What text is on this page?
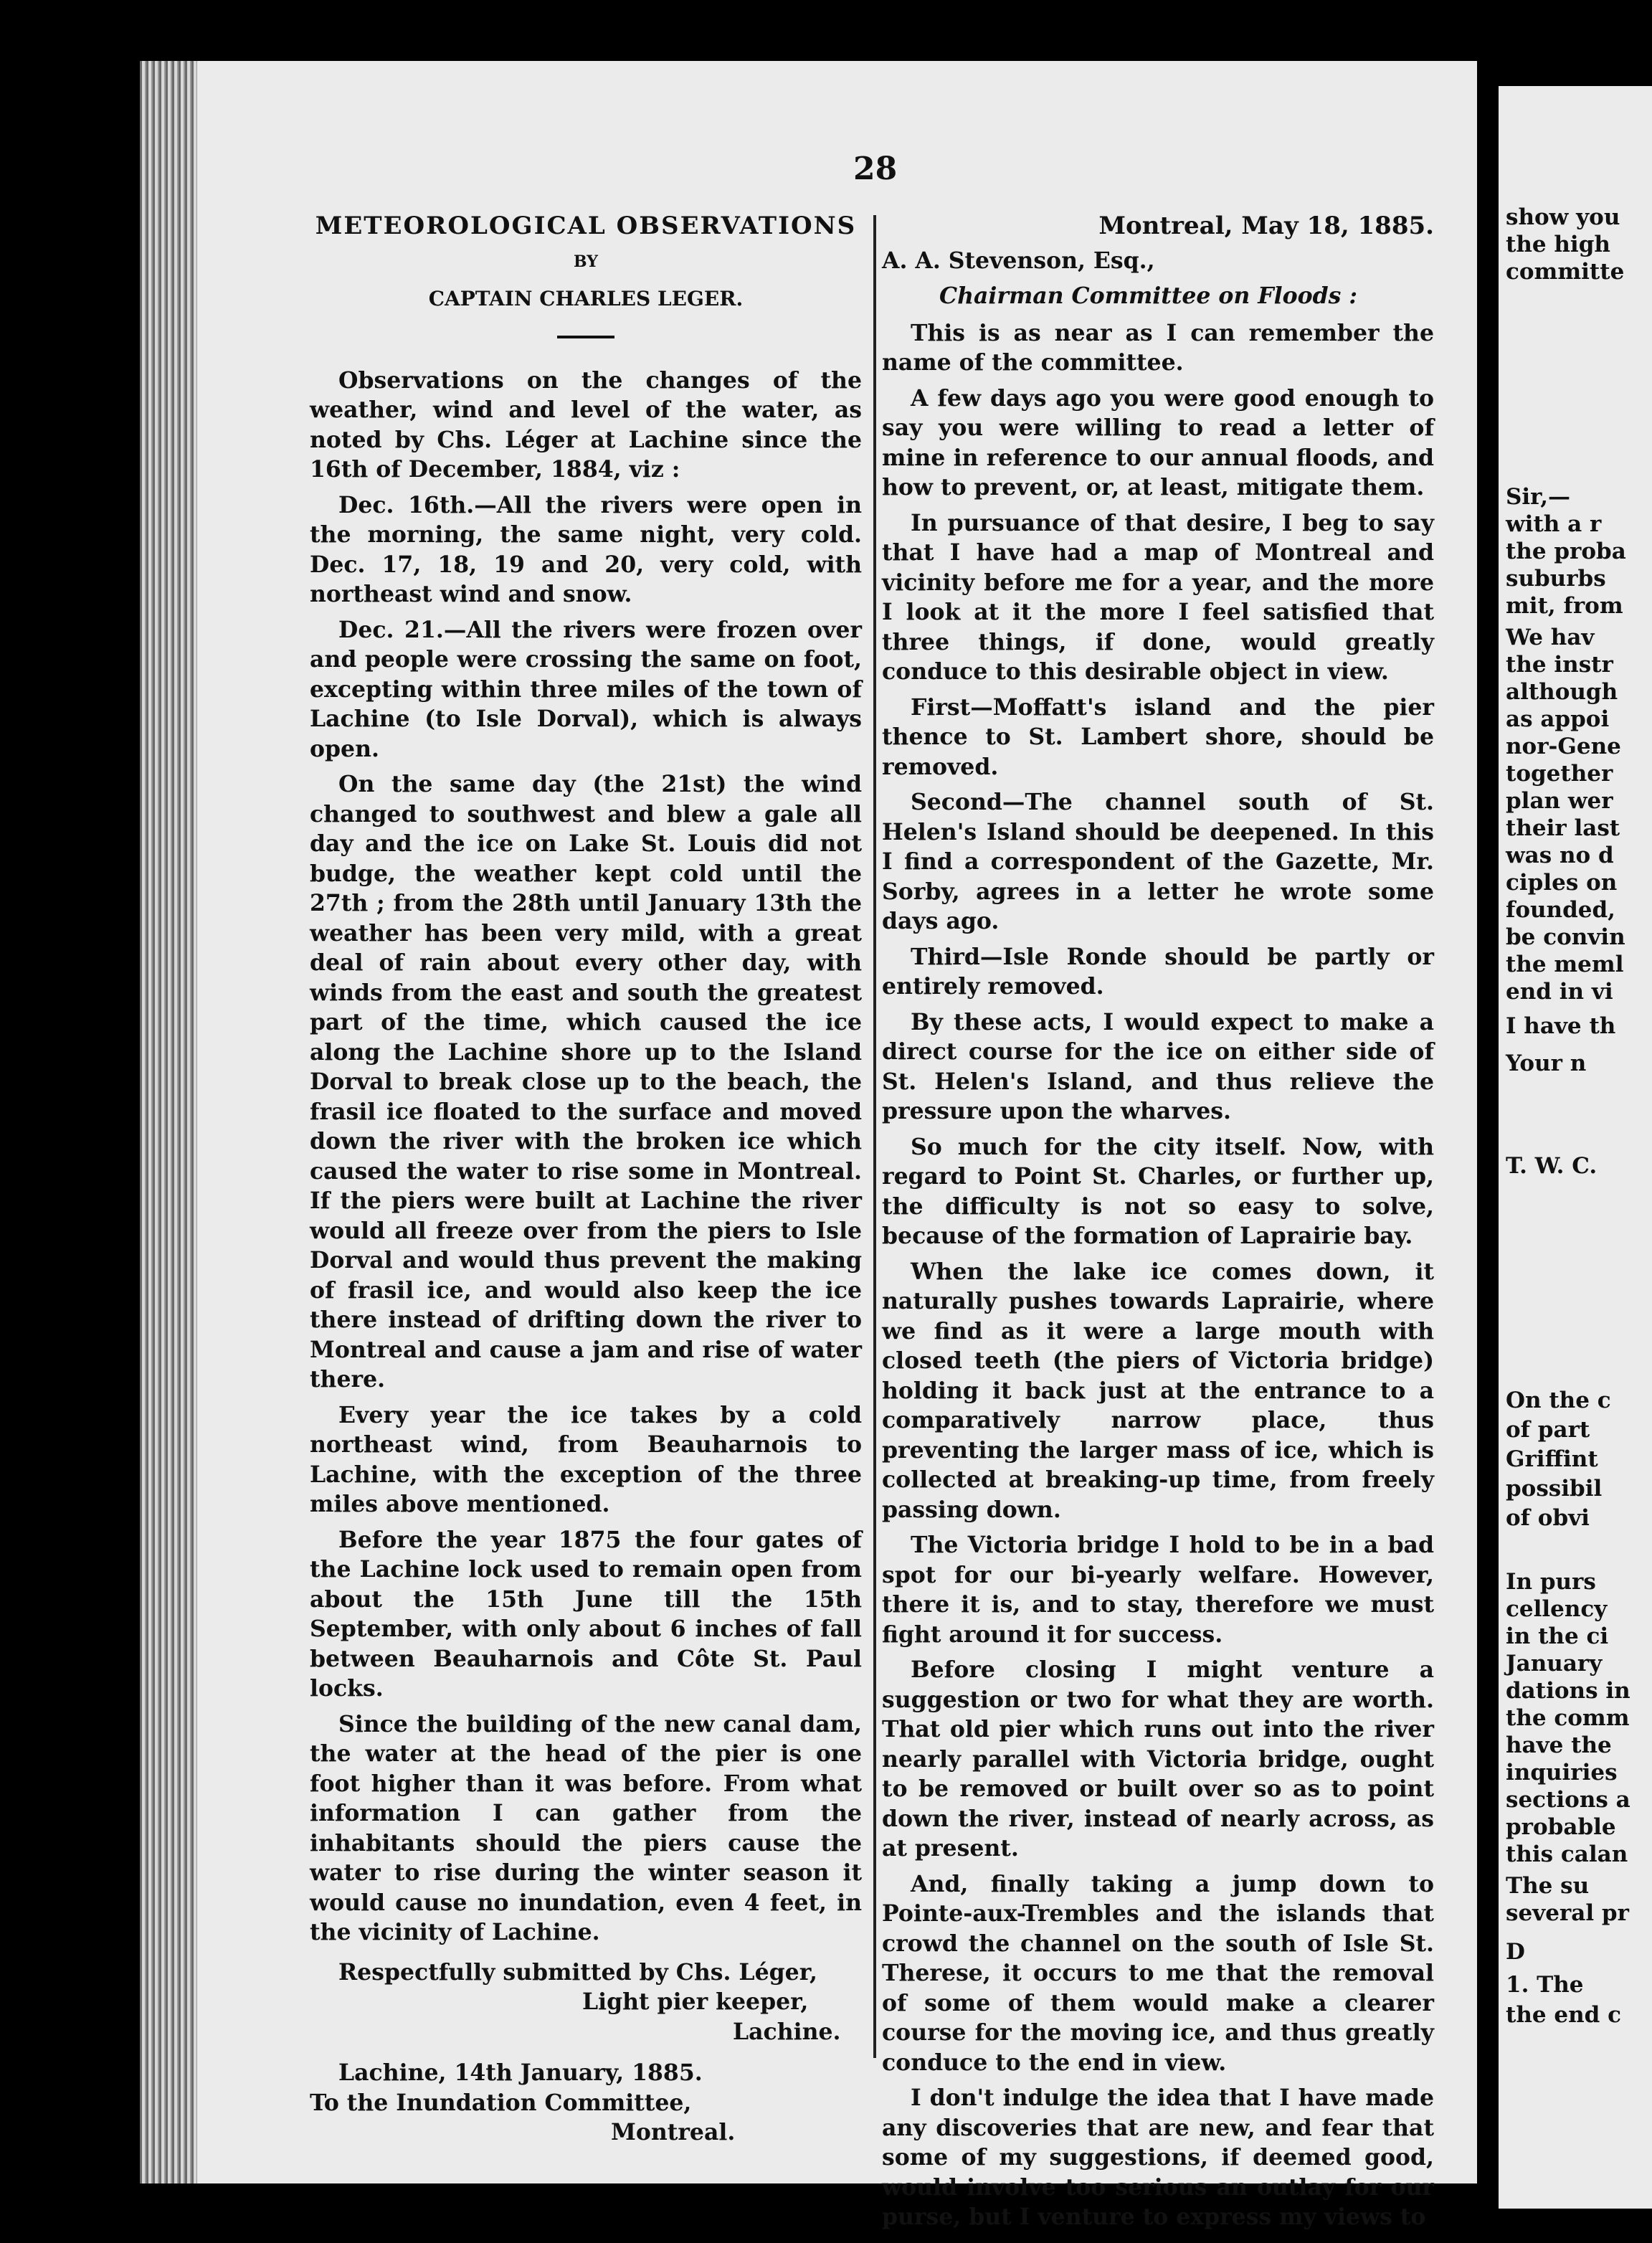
28

METEOROLOGICAL OBSERVATIONS

BY

CAPTAIN CHARLES LEGER.

Observations on the changes of the weather, wind and level of the water, as noted by Chs. Léger at Lachine since the 16th of December, 1884, viz :

Dec. 16th.—All the rivers were open in the morning, the same night, very cold. Dec. 17, 18, 19 and 20, very cold, with northeast wind and snow.

Dec. 21.—All the rivers were frozen over and people were crossing the same on foot, excepting within three miles of the town of Lachine (to Isle Dorval), which is always open.

On the same day (the 21st) the wind changed to southwest and blew a gale all day and the ice on Lake St. Louis did not budge, the weather kept cold until the 27th ; from the 28th until January 13th the weather has been very mild, with a great deal of rain about every other day, with winds from the east and south the greatest part of the time, which caused the ice along the Lachine shore up to the Island Dorval to break close up to the beach, the frasil ice floated to the surface and moved down the river with the broken ice which caused the water to rise some in Montreal. If the piers were built at Lachine the river would all freeze over from the piers to Isle Dorval and would thus prevent the making of frasil ice, and would also keep the ice there instead of drifting down the river to Montreal and cause a jam and rise of water there.

Every year the ice takes by a cold northeast wind, from Beauharnois to Lachine, with the exception of the three miles above mentioned.

Before the year 1875 the four gates of the Lachine lock used to remain open from about the 15th June till the 15th September, with only about 6 inches of fall between Beauharnois and Côte St. Paul locks.

Since the building of the new canal dam, the water at the head of the pier is one foot higher than it was before. From what information I can gather from the inhabitants should the piers cause the water to rise during the winter season it would cause no inundation, even 4 feet, in the vicinity of Lachine.

Respectfully submitted by Chs. Léger,

Light pier keeper,

Lachine.

Lachine, 14th January, 1885.

To the Inundation Committee,

Montreal.

Montreal, May 18, 1885.

A. A. Stevenson, Esq.,

Chairman Committee on Floods :

This is as near as I can remember the name of the committee.

A few days ago you were good enough to say you were willing to read a letter of mine in reference to our annual floods, and how to prevent, or, at least, mitigate them.

In pursuance of that desire, I beg to say that I have had a map of Montreal and vicinity before me for a year, and the more I look at it the more I feel satisfied that three things, if done, would greatly conduce to this desirable object in view.

First—Moffatt's island and the pier thence to St. Lambert shore, should be removed.

Second—The channel south of St. Helen's Island should be deepened. In this I find a correspondent of the Gazette, Mr. Sorby, agrees in a letter he wrote some days ago.

Third—Isle Ronde should be partly or entirely removed.

By these acts, I would expect to make a direct course for the ice on either side of St. Helen's Island, and thus relieve the pressure upon the wharves.

So much for the city itself. Now, with regard to Point St. Charles, or further up, the difficulty is not so easy to solve, because of the formation of Laprairie bay.

When the lake ice comes down, it naturally pushes towards Laprairie, where we find as it were a large mouth with closed teeth (the piers of Victoria bridge) holding it back just at the entrance to a comparatively narrow place, thus preventing the larger mass of ice, which is collected at breaking-up time, from freely passing down.

The Victoria bridge I hold to be in a bad spot for our bi-yearly welfare. However, there it is, and to stay, therefore we must fight around it for success.

Before closing I might venture a suggestion or two for what they are worth. That old pier which runs out into the river nearly parallel with Victoria bridge, ought to be removed or built over so as to point down the river, instead of nearly across, as at present.

And, finally taking a jump down to Pointe-aux-Trembles and the islands that crowd the channel on the south of Isle St. Therese, it occurs to me that the removal of some of them would make a clearer course for the moving ice, and thus greatly conduce to the end in view.

I don't indulge the idea that I have made any discoveries that are new, and fear that some of my suggestions, if deemed good, would involve too serious an outlay for our purse, but I venture to express my views to

show you
the high
committe
Sir,—
with a r
the proba
suburbs
mit, from
We hav
the instr
although
as appoi
nor-Gene
together
plan wer
their last
was no d
ciples on
founded,
be convin
the meml
end in vi
I have th
Your n
T. W. C.
On the c
of part
Griffint
possibil
of obvi
In purs
cellency
in the ci
January
dations in
the comm
have the
inquiries
sections a
probable
this calan
The su
several pr
D
1. The
the end c
